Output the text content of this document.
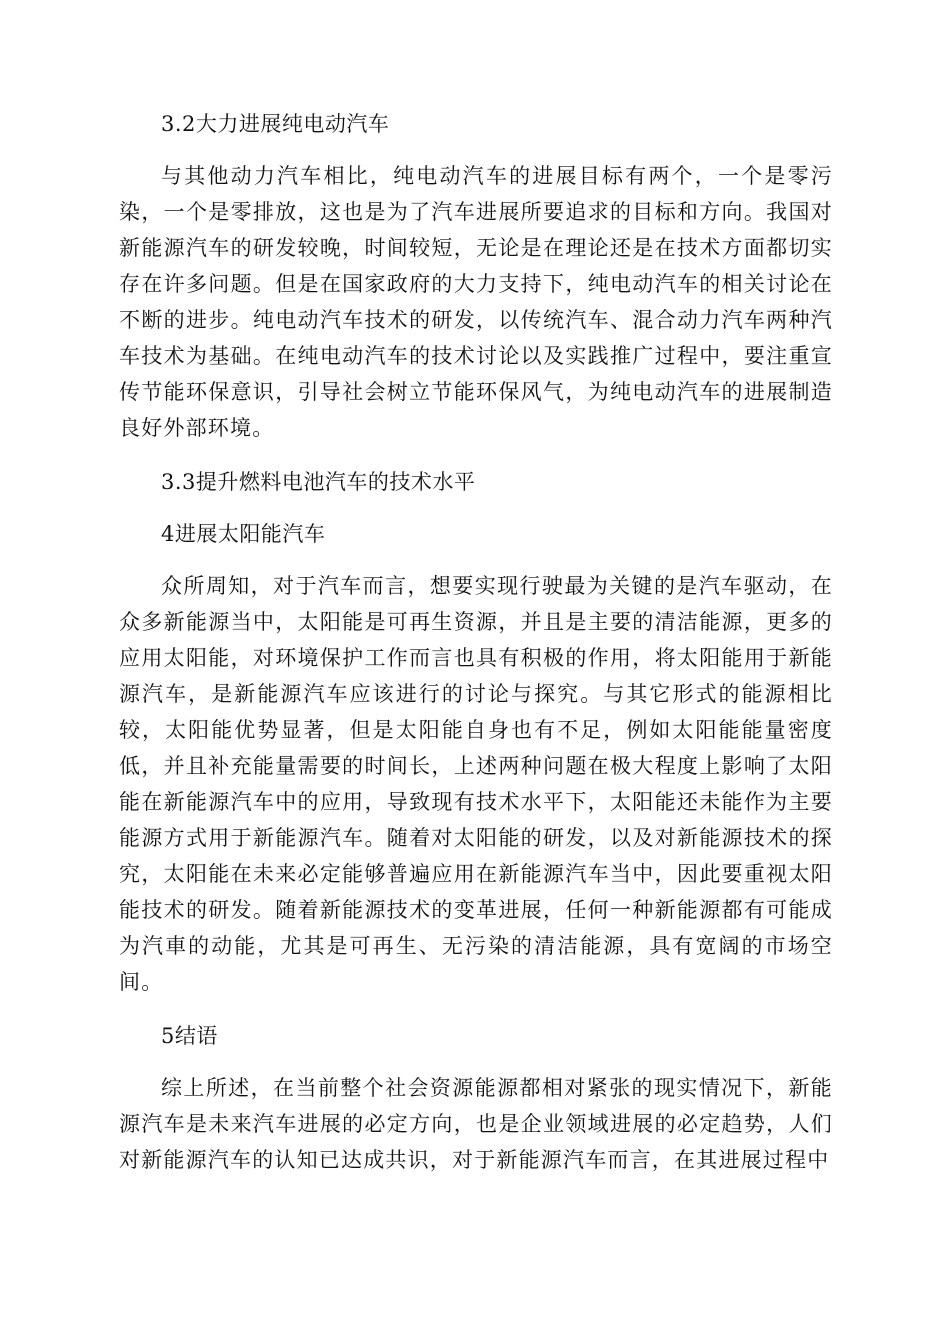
3.2大力进展纯电动汽车

与其他动力汽车相比，纯电动汽车的进展目标有两个，一个是零污染，一个是零排放，这也是为了汽车进展所要追求的目标和方向。我国对新能源汽车的研发较晚，时间较短，无论是在理论还是在技术方面都切实存在许多问题。但是在国家政府的大力支持下，纯电动汽车的相关讨论在不断的进步。纯电动汽车技术的研发，以传统汽车、混合动力汽车两种汽车技术为基础。在纯电动汽车的技术讨论以及实践推广过程中，要注重宣传节能环保意识，引导社会树立节能环保风气，为纯电动汽车的进展制造良好外部环境。

3.3提升燃料电池汽车的技术水平
4进展太阳能汽车

众所周知，对于汽车而言，想要实现行驶最为关键的是汽车驱动，在众多新能源当中，太阳能是可再生资源，并且是主要的清洁能源，更多的应用太阳能，对环境保护工作而言也具有积极的作用，将太阳能用于新能源汽车，是新能源汽车应该进行的讨论与探究。与其它形式的能源相比较，太阳能优势显著，但是太阳能自身也有不足，例如太阳能能量密度低，并且补充能量需要的时间长，上述两种问题在极大程度上影响了太阳能在新能源汽车中的应用，导致现有技术水平下，太阳能还未能作为主要能源方式用于新能源汽车。随着对太阳能的研发，以及对新能源技术的探究，太阳能在未来必定能够普遍应用在新能源汽车当中，因此要重视太阳能技术的研发。随着新能源技术的变革进展，任何一种新能源都有可能成为汽車的动能，尤其是可再生、无污染的清洁能源，具有宽阔的市场空间。

5结语

综上所述，在当前整个社会资源能源都相对紧张的现实情况下，新能源汽车是未来汽车进展的必定方向，也是企业领域进展的必定趋势，人们对新能源汽车的认知已达成共识，对于新能源汽车而言，在其进展过程中
